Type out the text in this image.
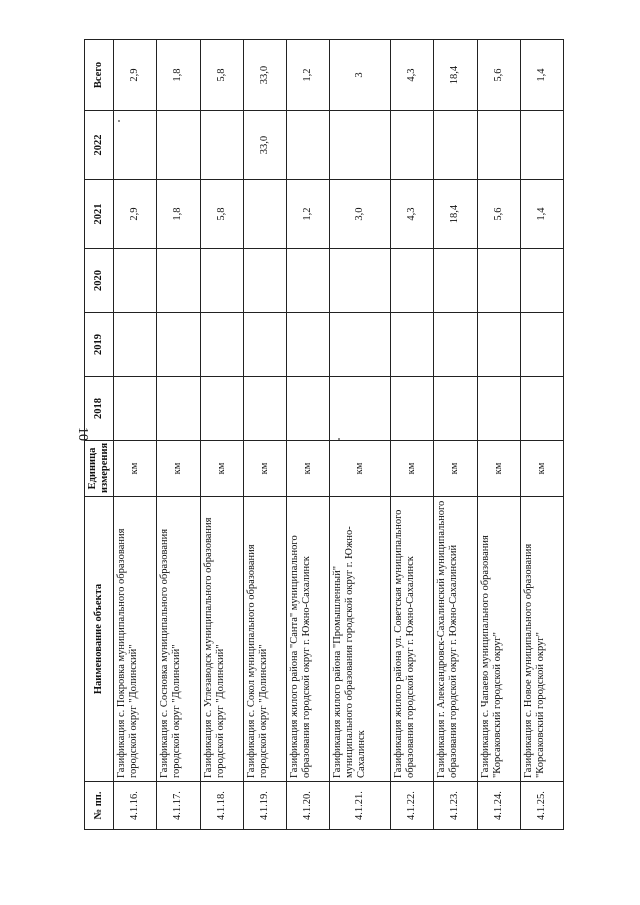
10
№ пп.	Наименование объекта	Единица измерения	2018	2019	2020	2021	2022	Всего
4.1.16.	Газификация с. Покровка муниципального образования городской округ "Долинский"	км				2,9		2,9
4.1.17.	Газификация с. Сосновка муниципального образования городской округ "Долинский"	км				1,8		1,8
4.1.18.	Газификация с. Углезаводск муниципального образования городской округ "Долинский"	км				5,8		5,8
4.1.19.	Газификация с. Сокол муниципального образования городской округ "Долинский"	км					33,0	33,0
4.1.20.	Газификация жилого района "Санта" муниципального образования городской округ г. Южно-Сахалинск	км				1,2		1,2
4.1.21.	Газификация жилого района "Промышленный" муниципального образования городской округ г. Южно-Сахалинск	км				3,0		3
4.1.22.	Газификация жилого района ул. Советская муниципального образования городской округ г. Южно-Сахалинск	км				4,3		4,3
4.1.23.	Газификация г. Александровск-Сахалинский муниципального образования городской округ г. Южно-Сахалинский	км				18,4		18,4
4.1.24.	Газификация с. Чапаево муниципального образования "Корсаковский городской округ"	км				5,6		5,6
4.1.25.	Газификация с. Новое муниципального образования "Корсаковский городской округ"	км				1,4		1,4
